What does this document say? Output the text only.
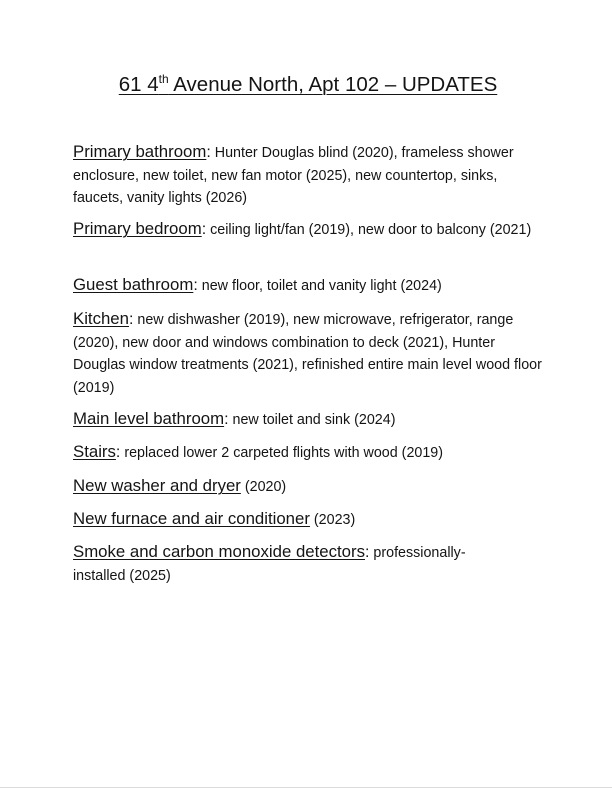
61 4th Avenue North, Apt 102 – UPDATES
Primary bathroom: Hunter Douglas blind (2020), frameless shower enclosure, new toilet, new fan motor (2025), new countertop, sinks, faucets, vanity lights (2026)
Primary bedroom: ceiling light/fan (2019), new door to balcony (2021)
Guest bathroom: new floor, toilet and vanity light (2024)
Kitchen: new dishwasher (2019), new microwave, refrigerator, range (2020), new door and windows combination to deck (2021), Hunter Douglas window treatments (2021), refinished entire main level wood floor (2019)
Main level bathroom: new toilet and sink (2024)
Stairs: replaced lower 2 carpeted flights with wood (2019)
New washer and dryer (2020)
New furnace and air conditioner (2023)
Smoke and carbon monoxide detectors: professionally-installed (2025)
